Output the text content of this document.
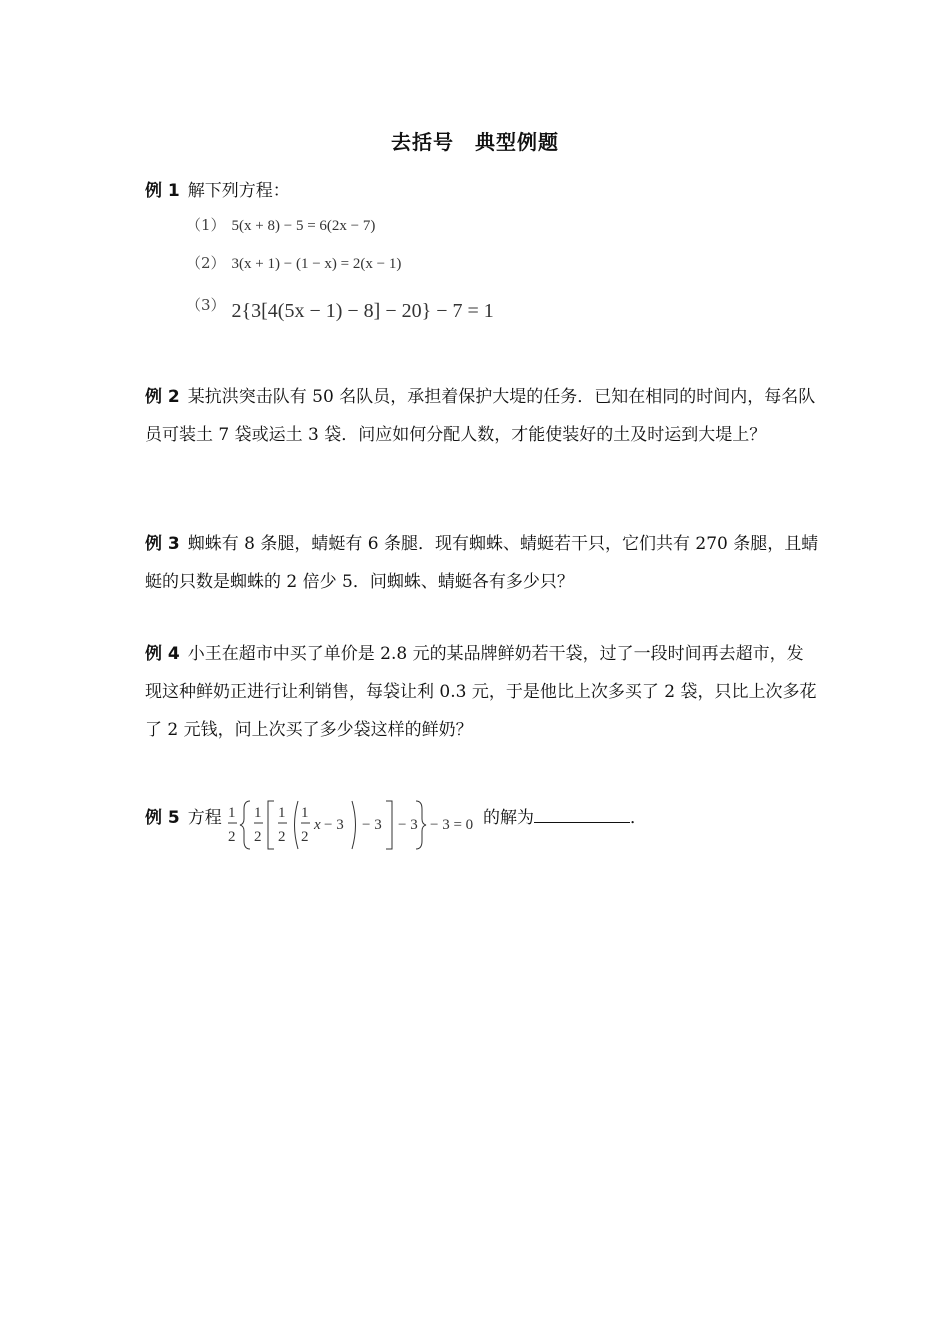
去括号　典型例题
例 1 解下列方程：
（1） 5(x + 8) − 5 = 6(2x − 7)
（2） 3(x + 1) − (1 − x) = 2(x − 1)
（3） 2{3[4(5x − 1) − 8] − 20} − 7 = 1
例 2 某抗洪突击队有 50 名队员，承担着保护大堤的任务．已知在相同的时间内，每名队员可装土 7 袋或运土 3 袋．问应如何分配人数，才能使装好的土及时运到大堤上？
例 3 蜘蛛有 8 条腿，蜻蜓有 6 条腿．现有蜘蛛、蜻蜓若干只，它们共有 270 条腿，且蜻蜓的只数是蜘蛛的 2 倍少 5．问蜘蛛、蜻蜓各有多少只？
例 4 小王在超市中买了单价是 2.8 元的某品牌鲜奶若干袋，过了一段时间再去超市，发现这种鲜奶正进行让利销售，每袋让利 0.3 元，于是他比上次多买了 2 袋，只比上次多花了 2 元钱，问上次买了多少袋这样的鲜奶？
例 5 方程 1
2
1
2
1
2
1
2
x − 3 − 3 − 3 − 3 = 0 的解为	．
